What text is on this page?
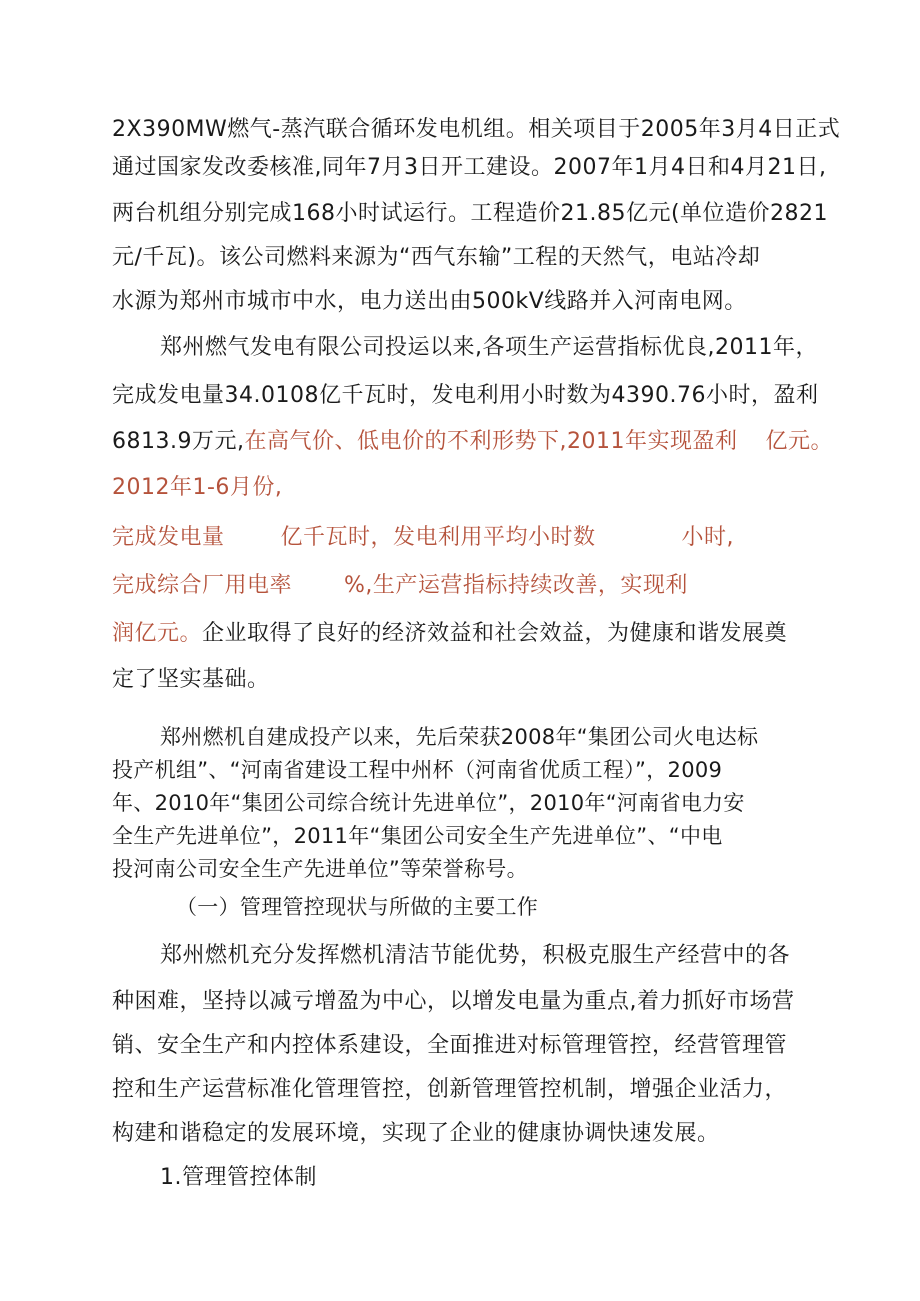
2X390MW燃气-蒸汽联合循环发电机组。相关项目于2005年3月4日正式
通过国家发改委核准,同年7月3日开工建设。2007年1月4日和4月21日,
两台机组分别完成168小时试运行。工程造价21.85亿元(单位造价2821
元/千瓦)。该公司燃料来源为“西气东输”工程的天然气，电站冷却
水源为郑州市城市中水，电力送出由500kV线路并入河南电网。
郑州燃气发电有限公司投运以来,各项生产运营指标优良,2011年，
完成发电量34.0108亿千瓦时，发电利用小时数为4390.76小时，盈利
6813.9万元,在高气价、低电价的不利形势下,2011年实现盈利 亿元。
2012年1-6月份,
完成发电量	亿千瓦时，发电利用平均小时数	小时,
完成综合厂用电率 %,生产运营指标持续改善，实现利
润亿元。企业取得了良好的经济效益和社会效益，为健康和谐发展奠
定了坚实基础。
郑州燃机自建成投产以来，先后荣获2008年“集团公司火电达标
投产机组”、“河南省建设工程中州杯（河南省优质工程）”，2009
年、2010年“集团公司综合统计先进单位”，2010年“河南省电力安
全生产先进单位”，2011年“集团公司安全生产先进单位”、“中电
投河南公司安全生产先进单位”等荣誉称号。
（一）管理管控现状与所做的主要工作
郑州燃机充分发挥燃机清洁节能优势，积极克服生产经营中的各
种困难，坚持以减亏增盈为中心，以增发电量为重点,着力抓好市场营
销、安全生产和内控体系建设，全面推进对标管理管控，经营管理管
控和生产运营标准化管理管控，创新管理管控机制，增强企业活力，
构建和谐稳定的发展环境，实现了企业的健康协调快速发展。
1.管理管控体制
